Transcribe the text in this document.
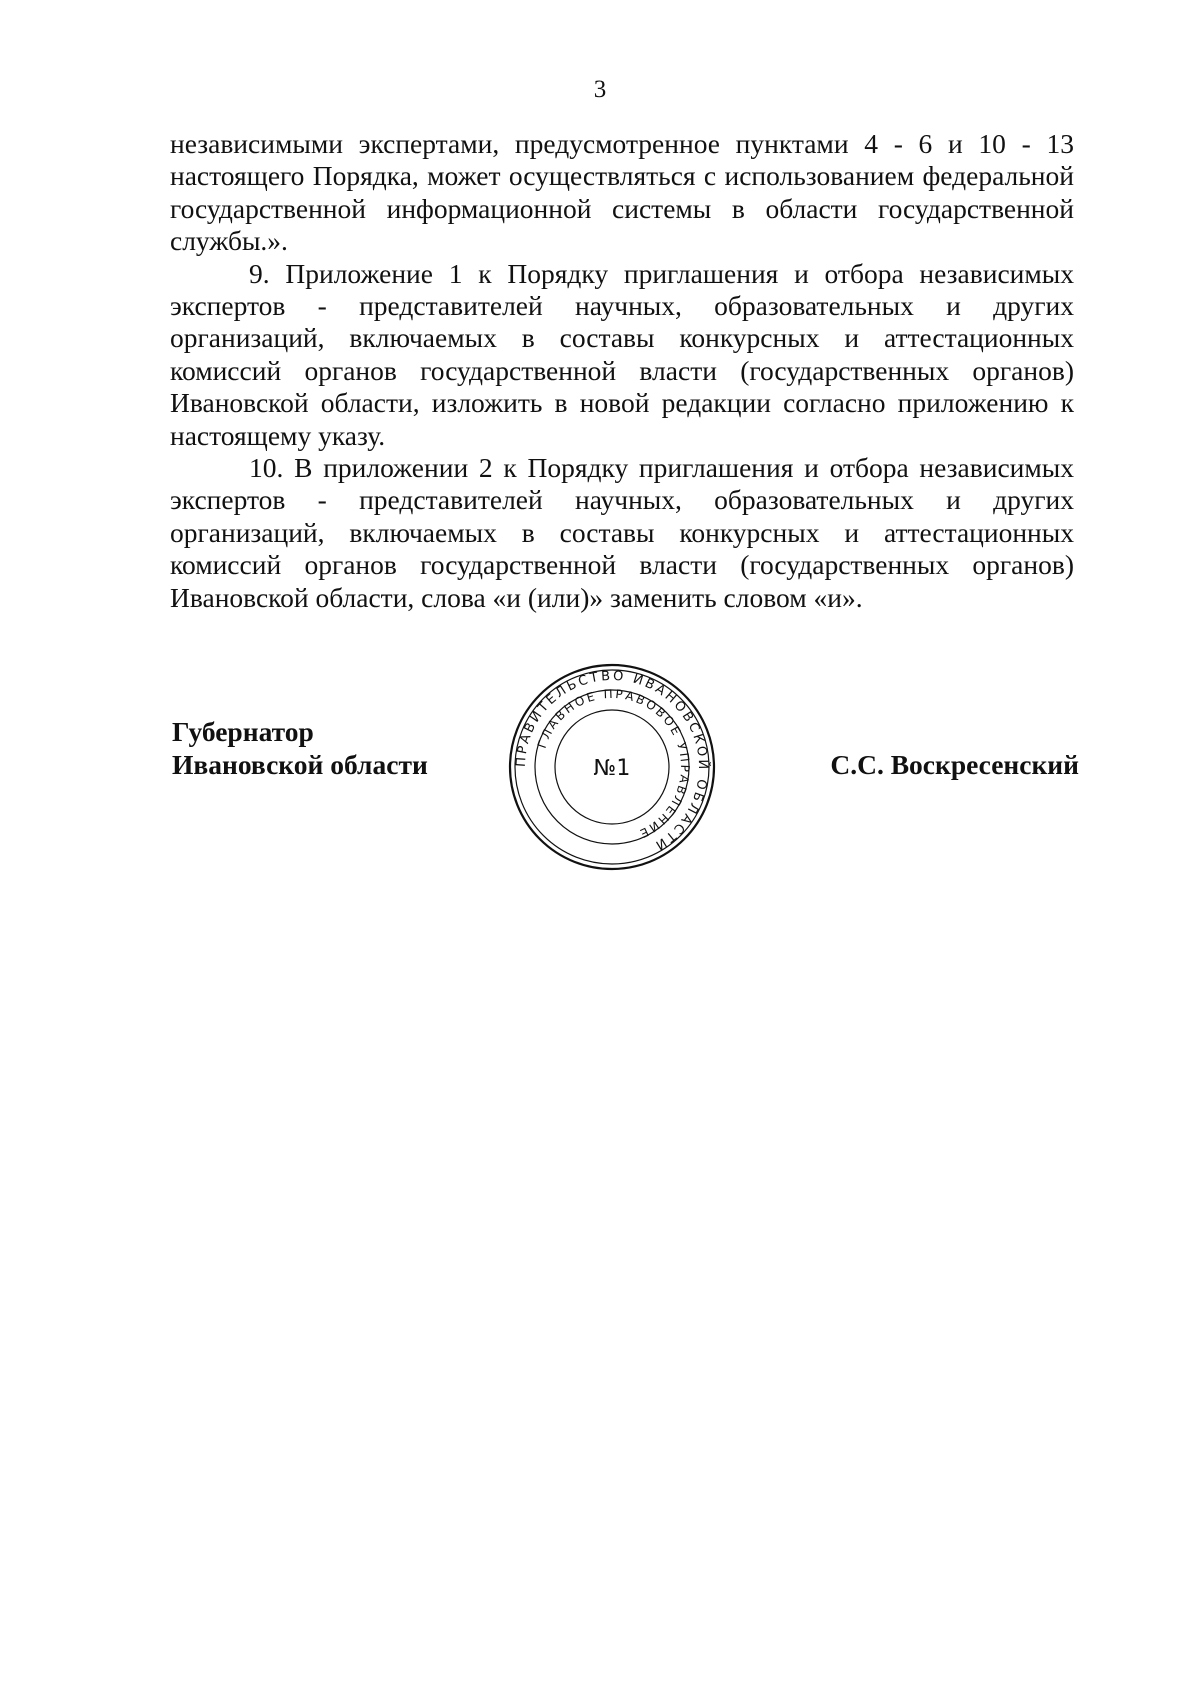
3

независимыми экспертами, предусмотренное пунктами 4 - 6 и 10 - 13 настоящего Порядка, может осуществляться с использованием федеральной государственной информационной системы в области государственной службы.».

9. Приложение 1 к Порядку приглашения и отбора независимых экспертов - представителей научных, образовательных и других организаций, включаемых в составы конкурсных и аттестационных комиссий органов государственной власти (государственных органов) Ивановской области, изложить в новой редакции согласно приложению к настоящему указу.

10. В приложении 2 к Порядку приглашения и отбора независимых экспертов - представителей научных, образовательных и других организаций, включаемых в составы конкурсных и аттестационных комиссий органов государственной власти (государственных органов) Ивановской области, слова «и (или)» заменить словом «и».

Губернатор
Ивановской области	ПРАВИТЕЛЬСТВО ИВАНОВСКОЙ ОБЛАСТИ
ГЛАВНОЕ ПРАВОВОЕ УПРАВЛЕНИЕ
№1	С.С. Воскресенский
